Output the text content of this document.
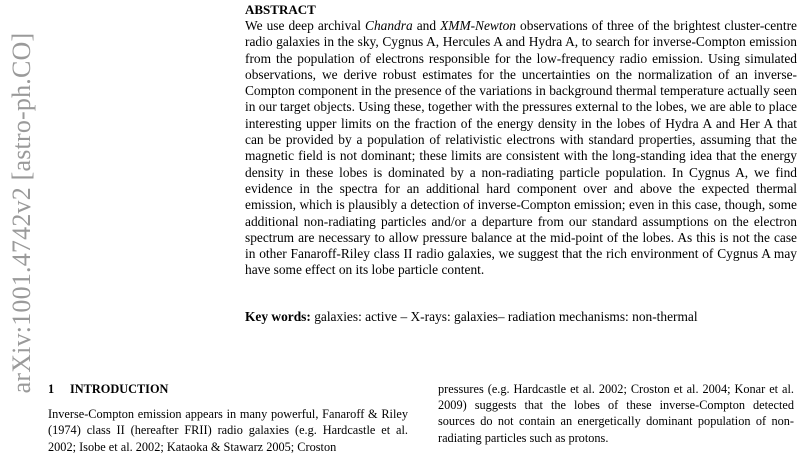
arXiv:1001.4742v2 [astro-ph.CO]
ABSTRACT
We use deep archival Chandra and XMM-Newton observations of three of the brightest cluster-centre radio galaxies in the sky, Cygnus A, Hercules A and Hydra A, to search for inverse-Compton emission from the population of electrons responsible for the low-frequency radio emission. Using simulated observations, we derive robust estimates for the uncertainties on the normalization of an inverse-Compton component in the presence of the variations in background thermal temperature actually seen in our target objects. Using these, together with the pressures external to the lobes, we are able to place interesting upper limits on the fraction of the energy density in the lobes of Hydra A and Her A that can be provided by a population of relativistic electrons with standard properties, assuming that the magnetic field is not dominant; these limits are consistent with the long-standing idea that the energy density in these lobes is dominated by a non-radiating particle population. In Cygnus A, we find evidence in the spectra for an additional hard component over and above the expected thermal emission, which is plausibly a detection of inverse-Compton emission; even in this case, though, some additional non-radiating particles and/or a departure from our standard assumptions on the electron spectrum are necessary to allow pressure balance at the mid-point of the lobes. As this is not the case in other Fanaroff-Riley class II radio galaxies, we suggest that the rich environment of Cygnus A may have some effect on its lobe particle content.
Key words: galaxies: active – X-rays: galaxies– radiation mechanisms: non-thermal
1 INTRODUCTION
Inverse-Compton emission appears in many powerful, Fanaroff & Riley (1974) class II (hereafter FRII) radio galaxies (e.g. Hardcastle et al. 2002; Isobe et al. 2002; Kataoka & Stawarz 2005; Croston
pressures (e.g. Hardcastle et al. 2002; Croston et al. 2004; Konar et al. 2009) suggests that the lobes of these inverse-Compton detected sources do not contain an energetically dominant population of non-radiating particles such as protons.
